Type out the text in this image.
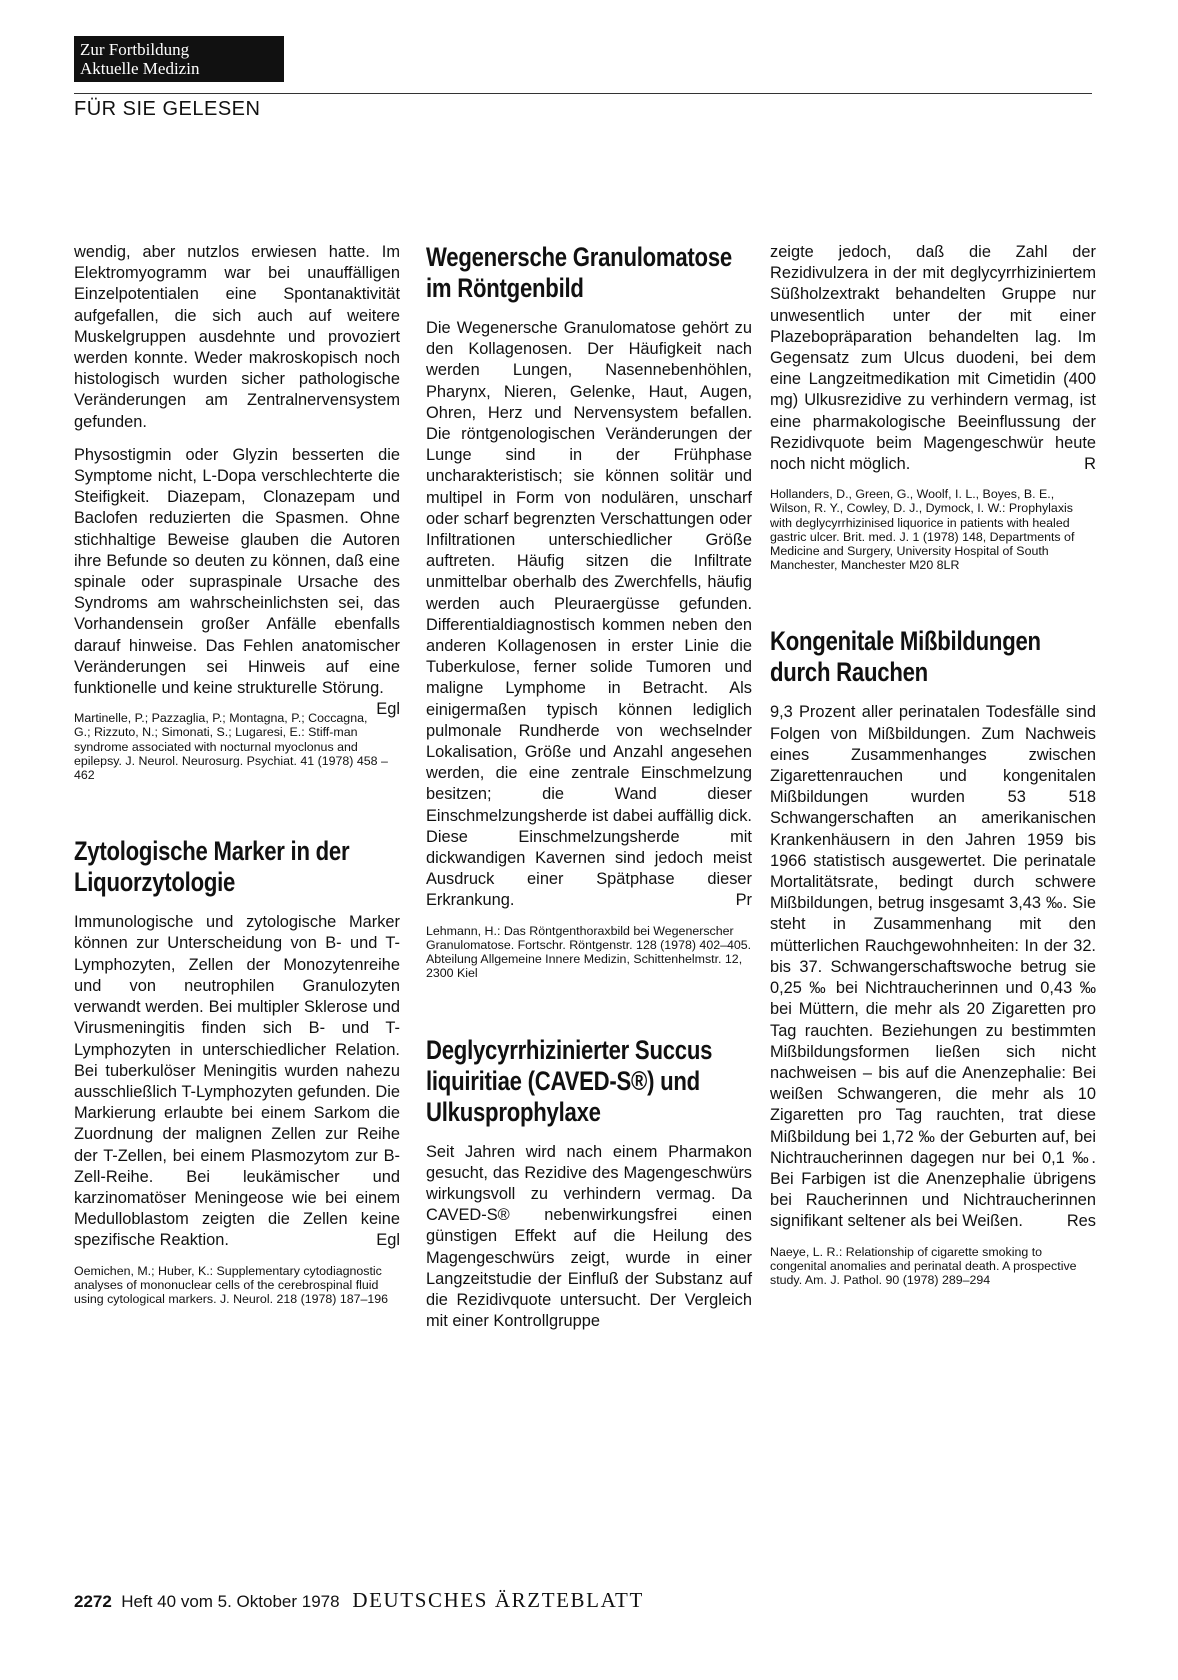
Zur Fortbildung
Aktuelle Medizin
FÜR SIE GELESEN

wendig, aber nutzlos erwiesen hatte. Im Elektromyogramm war bei unauffälligen Einzelpotentialen eine Spontanaktivität aufgefallen, die sich auch auf weitere Muskelgruppen ausdehnte und provoziert werden konnte. Weder makroskopisch noch histologisch wurden sicher pathologische Veränderungen am Zentralnervensystem gefunden.

Physostigmin oder Glyzin besserten die Symptome nicht, L-Dopa verschlechterte die Steifigkeit. Diazepam, Clonazepam und Baclofen reduzierten die Spasmen. Ohne stichhaltige Beweise glauben die Autoren ihre Befunde so deuten zu können, daß eine spinale oder supraspinale Ursache des Syndroms am wahrscheinlichsten sei, das Vorhandensein großer Anfälle ebenfalls darauf hinweise. Das Fehlen anatomischer Veränderungen sei Hinweis auf eine funktionelle und keine strukturelle Störung.
Egl

Martinelle, P.; Pazzaglia, P.; Montagna, P.; Coccagna, G.; Rizzuto, N.; Simonati, S.; Lugaresi, E.: Stiff-man syndrome associated with nocturnal myoclonus and epilepsy. J. Neurol. Neurosurg. Psychiat. 41 (1978) 458 – 462

Zytologische Marker in der Liquorzytologie

Immunologische und zytologische Marker können zur Unterscheidung von B- und T-Lymphozyten, Zellen der Monozytenreihe und von neutrophilen Granulozyten verwandt werden. Bei multipler Sklerose und Virusmeningitis finden sich B- und T-Lymphozyten in unterschiedlicher Relation. Bei tuberkulöser Meningitis wurden nahezu ausschließlich T-Lymphozyten gefunden. Die Markierung erlaubte bei einem Sarkom die Zuordnung der malignen Zellen zur Reihe der T-Zellen, bei einem Plasmozytom zur B-Zell-Reihe. Bei leukämischer und karzinomatöser Meningeose wie bei einem Medulloblastom zeigten die Zellen keine spezifische Reaktion.	Egl

Oemichen, M.; Huber, K.: Supplementary cytodiagnostic analyses of mononuclear cells of the cerebrospinal fluid using cytological markers. J. Neurol. 218 (1978) 187–196

Wegenersche Granulomatose im Röntgenbild

Die Wegenersche Granulomatose gehört zu den Kollagenosen. Der Häufigkeit nach werden Lungen, Nasennebenhöhlen, Pharynx, Nieren, Gelenke, Haut, Augen, Ohren, Herz und Nervensystem befallen. Die röntgenologischen Veränderungen der Lunge sind in der Frühphase uncharakteristisch; sie können solitär und multipel in Form von nodulären, unscharf oder scharf begrenzten Verschattungen oder Infiltrationen unterschiedlicher Größe auftreten. Häufig sitzen die Infiltrate unmittelbar oberhalb des Zwerchfells, häufig werden auch Pleuraergüsse gefunden. Differentialdiagnostisch kommen neben den anderen Kollagenosen in erster Linie die Tuberkulose, ferner solide Tumoren und maligne Lymphome in Betracht. Als einigermaßen typisch können lediglich pulmonale Rundherde von wechselnder Lokalisation, Größe und Anzahl angesehen werden, die eine zentrale Einschmelzung besitzen; die Wand dieser Einschmelzungsherde ist dabei auffällig dick. Diese Einschmelzungsherde mit dickwandigen Kavernen sind jedoch meist Ausdruck einer Spätphase dieser Erkrankung.	Pr

Lehmann, H.: Das Röntgenthoraxbild bei Wegenerscher Granulomatose. Fortschr. Röntgenstr. 128 (1978) 402–405. Abteilung Allgemeine Innere Medizin, Schittenhelmstr. 12, 2300 Kiel

Deglycyrrhizinierter Succus liquiritiae (CAVED-S®) und Ulkusprophylaxe

Seit Jahren wird nach einem Pharmakon gesucht, das Rezidive des Magengeschwürs wirkungsvoll zu verhindern vermag. Da CAVED-S® nebenwirkungsfrei einen günstigen Effekt auf die Heilung des Magengeschwürs zeigt, wurde in einer Langzeitstudie der Einfluß der Substanz auf die Rezidivquote untersucht. Der Vergleich mit einer Kontrollgruppe

zeigte jedoch, daß die Zahl der Rezidivulzera in der mit deglycyrrhiziniertem Süßholzextrakt behandelten Gruppe nur unwesentlich unter der mit einer Plazebopräparation behandelten lag. Im Gegensatz zum Ulcus duodeni, bei dem eine Langzeitmedikation mit Cimetidin (400 mg) Ulkusrezidive zu verhindern vermag, ist eine pharmakologische Beeinflussung der Rezidivquote beim Magengeschwür heute noch nicht möglich.	R

Hollanders, D., Green, G., Woolf, I. L., Boyes, B. E., Wilson, R. Y., Cowley, D. J., Dymock, I. W.: Prophylaxis with deglycyrrhizinised liquorice in patients with healed gastric ulcer. Brit. med. J. 1 (1978) 148, Departments of Medicine and Surgery, University Hospital of South Manchester, Manchester M20 8LR

Kongenitale Mißbildungen durch Rauchen

9,3 Prozent aller perinatalen Todesfälle sind Folgen von Mißbildungen. Zum Nachweis eines Zusammenhanges zwischen Zigarettenrauchen und kongenitalen Mißbildungen wurden 53 518 Schwangerschaften an amerikanischen Krankenhäusern in den Jahren 1959 bis 1966 statistisch ausgewertet. Die perinatale Mortalitätsrate, bedingt durch schwere Mißbildungen, betrug insgesamt 3,43 ‰. Sie steht in Zusammenhang mit den mütterlichen Rauchgewohnheiten: In der 32. bis 37. Schwangerschaftswoche betrug sie 0,25 ‰ bei Nichtraucherinnen und 0,43 ‰ bei Müttern, die mehr als 20 Zigaretten pro Tag rauchten. Beziehungen zu bestimmten Mißbildungsformen ließen sich nicht nachweisen – bis auf die Anenzephalie: Bei weißen Schwangeren, die mehr als 10 Zigaretten pro Tag rauchten, trat diese Mißbildung bei 1,72 ‰ der Geburten auf, bei Nichtraucherinnen dagegen nur bei 0,1 ‰. Bei Farbigen ist die Anenzephalie übrigens bei Raucherinnen und Nichtraucherinnen signifikant seltener als bei Weißen.	Res

Naeye, L. R.: Relationship of cigarette smoking to congenital anomalies and perinatal death. A prospective study. Am. J. Pathol. 90 (1978) 289–294

2272 Heft 40 vom 5. Oktober 1978 DEUTSCHES ÄRZTEBLATT
